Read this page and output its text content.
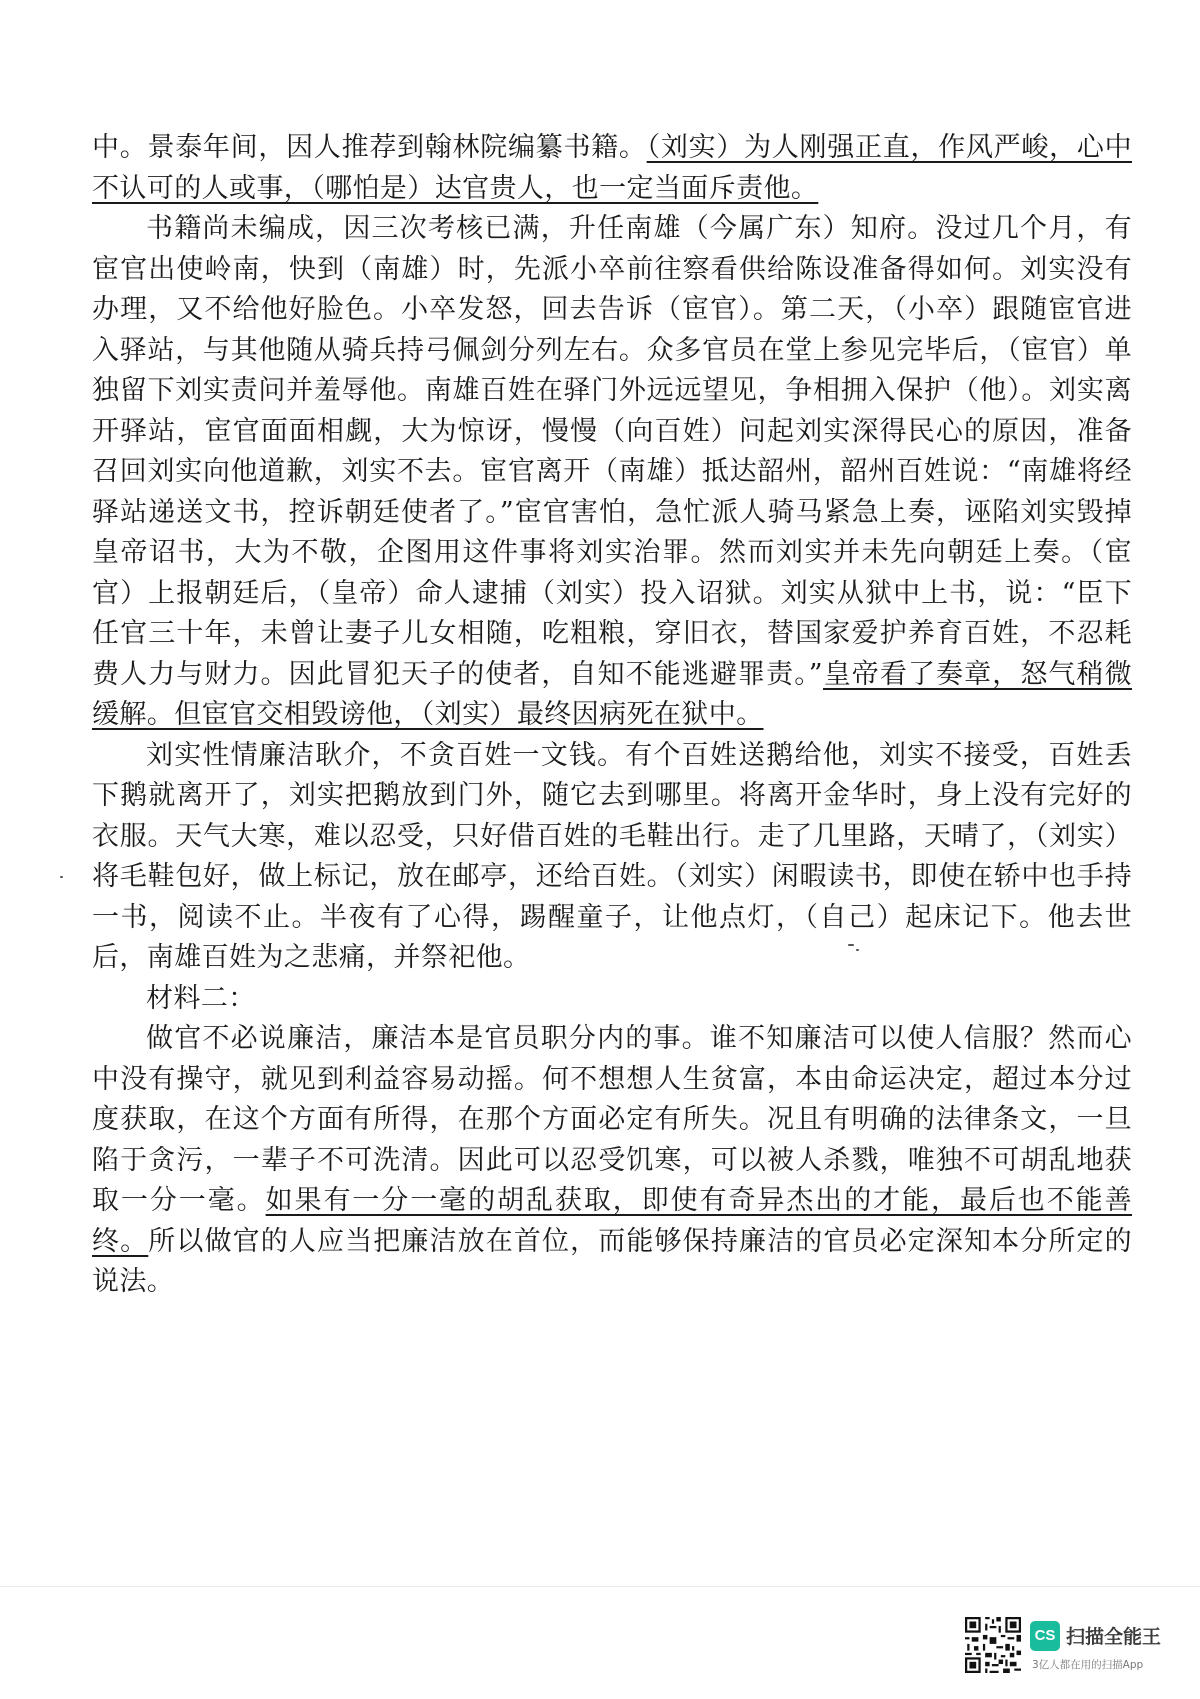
中。景泰年间，因人推荐到翰林院编纂书籍。（刘实）为人刚强正直，作风严峻，心中不认可的人或事，（哪怕是）达官贵人，也一定当面斥责他。

书籍尚未编成，因三次考核已满，升任南雄（今属广东）知府。没过几个月，有宦官出使岭南，快到（南雄）时，先派小卒前往察看供给陈设准备得如何。刘实没有办理，又不给他好脸色。小卒发怒，回去告诉（宦官）。第二天，（小卒）跟随宦官进入驿站，与其他随从骑兵持弓佩剑分列左右。众多官员在堂上参见完毕后，（宦官）单独留下刘实责问并羞辱他。南雄百姓在驿门外远远望见，争相拥入保护（他）。刘实离开驿站，宦官面面相觑，大为惊讶，慢慢（向百姓）问起刘实深得民心的原因，准备召回刘实向他道歉，刘实不去。宦官离开（南雄）抵达韶州，韶州百姓说：“南雄将经驿站递送文书，控诉朝廷使者了。”宦官害怕，急忙派人骑马紧急上奏，诬陷刘实毁掉皇帝诏书，大为不敬，企图用这件事将刘实治罪。然而刘实并未先向朝廷上奏。（宦官）上报朝廷后，（皇帝）命人逮捕（刘实）投入诏狱。刘实从狱中上书，说：“臣下任官三十年，未曾让妻子儿女相随，吃粗粮，穿旧衣，替国家爱护养育百姓，不忍耗费人力与财力。因此冒犯天子的使者，自知不能逃避罪责。”皇帝看了奏章，怒气稍微缓解。但宦官交相毁谤他，（刘实）最终因病死在狱中。

刘实性情廉洁耿介，不贪百姓一文钱。有个百姓送鹅给他，刘实不接受，百姓丢下鹅就离开了，刘实把鹅放到门外，随它去到哪里。将离开金华时，身上没有完好的衣服。天气大寒，难以忍受，只好借百姓的毛鞋出行。走了几里路，天晴了，（刘实）将毛鞋包好，做上标记，放在邮亭，还给百姓。（刘实）闲暇读书，即使在轿中也手持一书，阅读不止。半夜有了心得，踢醒童子，让他点灯，（自己）起床记下。他去世后，南雄百姓为之悲痛，并祭祀他。

材料二：

做官不必说廉洁，廉洁本是官员职分内的事。谁不知廉洁可以使人信服？然而心中没有操守，就见到利益容易动摇。何不想想人生贫富，本由命运决定，超过本分过度获取，在这个方面有所得，在那个方面必定有所失。况且有明确的法律条文，一旦陷于贪污，一辈子不可洗清。因此可以忍受饥寒，可以被人杀戮，唯独不可胡乱地获取一分一毫。如果有一分一毫的胡乱获取，即使有奇异杰出的才能，最后也不能善终。所以做官的人应当把廉洁放在首位，而能够保持廉洁的官员必定深知本分所定的说法。

CS 扫描全能王
3亿人都在用的扫描App
